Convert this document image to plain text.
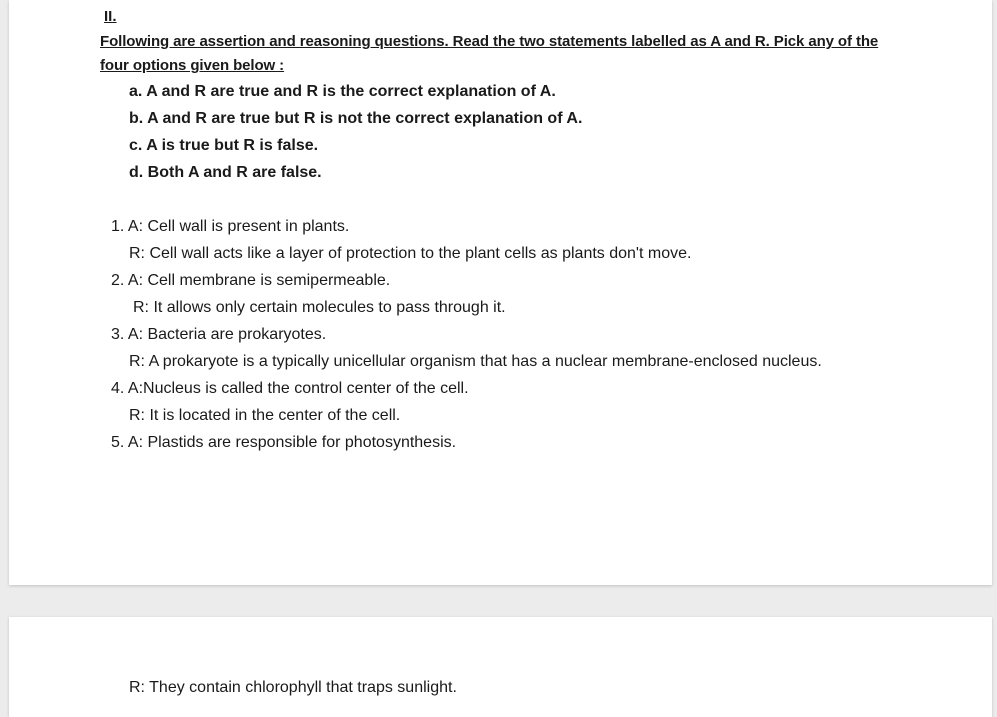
II.
Following are assertion and reasoning questions. Read the two statements labelled as A and R. Pick any of the
four options given below :
a. A and R are true and R is the correct explanation of A.
b. A and R are true but R is not the correct explanation of A.
c. A is true but R is false.
d. Both A and R are false.
1. A: Cell wall is present in plants.
R: Cell wall acts like a layer of protection to the plant cells as plants don't move.
2. A: Cell membrane is semipermeable.
R: It allows only certain molecules to pass through it.
3. A: Bacteria are prokaryotes.
R: A prokaryote is a typically unicellular organism that has a nuclear membrane-enclosed nucleus.
4. A:Nucleus is called the control center of the cell.
R: It is located in the center of the cell.
5. A: Plastids are responsible for photosynthesis.
R: They contain chlorophyll that traps sunlight.
